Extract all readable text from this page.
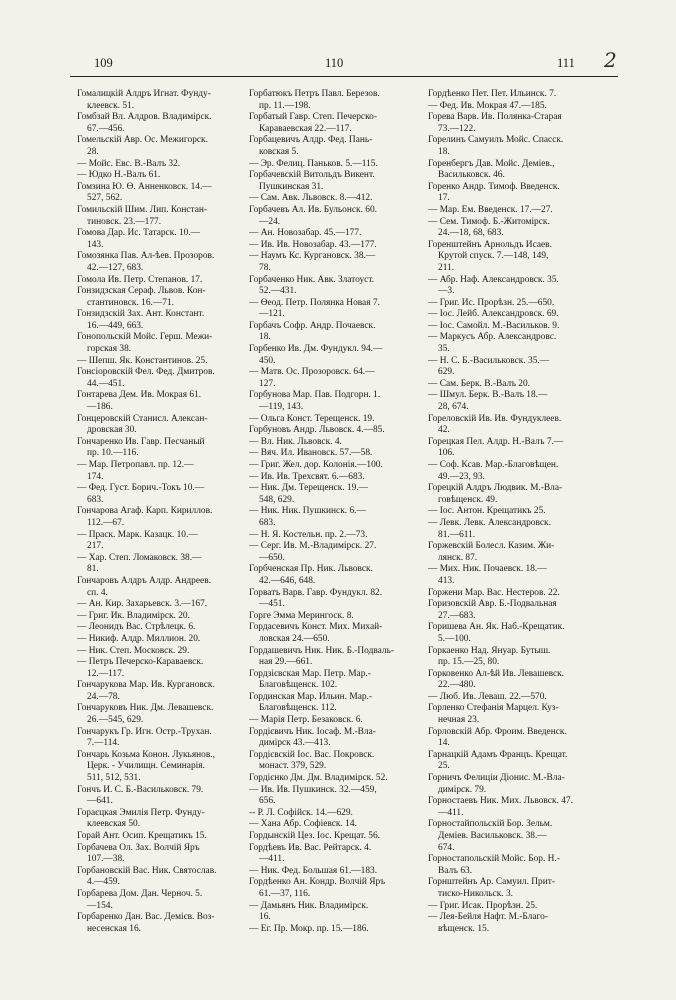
109	110	111 2
Гомалицкій Алдръ Игнат. Фунду-
клеевск. 51.
Гомбзай Вл. Алдров. Владимірск.
67.—456.
Гомельскій Авр. Ос. Межигорск.
28.
— Мойс. Евс. В.-Валъ 32.
— Юдко Н.-Валъ 61.
Гомзина Ю. Ѳ. Анненковск. 14.—
527, 562.
Гомильскій Шим. Лип. Констан-
тиновск. 23.—177.
Гомова Дар. Ис. Татарск. 10.—
143.
Гомозянка Пав. Ал-ѣев. Прозоров.
42.—127, 683.
Гомола Ив. Петр. Степанов. 17.
Гонзидзская Сераф. Львов. Кон-
стантиновск. 16.—71.
Гонзидзскій Зах. Ант. Констант.
16.—449, 663.
Гонопольскій Мойс. Герш. Межи-
горская 38.
— Шепш. Як. Константинов. 25.
Гонсіоровскій Фел. Фед. Дмитров.
44.—451.
Гонтарева Дем. Ив. Мокрая 61.
—186.
Гонцеровскій Станисл. Алексан-
дровская 30.
Гончаренко Ив. Гавр. Песчаный
пр. 10.—116.
— Мар. Петропавл. пр. 12.—
174.
— Фед. Густ. Борич.-Токъ 10.—
683.
Гончарова Агаф. Карп. Кириллов.
112.—67.
— Праск. Марк. Казацк. 10.—
217.
— Хар. Степ. Ломаковск. 38.—
81.
Гончаровъ Алдръ Алдр. Андреев.
сп. 4.
— Ан. Кир. Захарьевск. 3.—167.
— Григ. Ик. Владимірск. 20.
— Леонидъ Вас. Стрѣлецк. 6.
— Никиф. Алдр. Миллион. 20.
— Ник. Степ. Московск. 29.
— Петръ Печерско-Караваевск.
12.—117.
Гончарукова Мар. Ив. Кургановск.
24.—78.
Гончаруковъ Ник. Дм. Левашевск.
26.—545, 629.
Гончарукъ Гр. Игн. Остр.-Трухан.
7.—114.
Гончарь Козьма Конон. Лукьянов.,
Церк. - Училищн. Семинарія.
511, 512, 531.
Гончъ И. С. Б.-Васильковск. 79.
—641.
Гораєцкая Эмилія Петр. Фунду-
клеевская 50.
Горай Ант. Осип. Крещатикъ 15.
Горбачева Ол. Зах. Волчій Яръ
107.—38.
Горбановскій Вас. Ник. Святослав.
4.—459.
Горбарева Дом. Дан. Черноч. 5.
—154.
Горбаренко Дан. Вас. Демієв. Воз-
несенская 16.
Горбатюкъ Петръ Павл. Березов.
пр. 11.—198.
Горбатый Гавр. Степ. Печерско-
Караваевская 22.—117.
Горбацевичъ Алдр. Фед. Пань-
ковская 5.
— Эр. Фелиц. Паньков. 5.—115.
Горбачевскій Витольдъ Викент.
Пушкинская 31.
— Сам. Авк. Львовск. 8.—412.
Горбачевъ Ал. Ив. Бульонск. 60.
—24.
— Ан. Новозабар. 45.—177.
— Ив. Ив. Новозабар. 43.—177.
— Наумъ Кс. Кургановск. 38.—
78.
Горбаченко Ник. Авк. Златоуст.
52.—431.
— Ѳеод. Петр. Полянка Новая 7.
—121.
Горбачъ Софр. Андр. Почаевск.
18.
Горбенко Ив. Дм. Фундукл. 94.—
450.
— Матв. Ос. Прозоровск. 64.—
127.
Горбунова Мар. Пав. Подгорн. 1.
—119, 143.
— Ольга Конст. Терещенск. 19.
Горбуновъ Андр. Львовск. 4.—85.
— Вл. Ник. Львовск. 4.
— Вяч. Ил. Ивановск. 57.—58.
— Григ. Жел. дор. Колонія.—100.
— Ив. Ив. Трехсвят. 6.—683.
— Ник. Дм. Терещенск. 19.—
548, 629.
— Ник. Ник. Пушкинск. 6.—
683.
— Н. Я. Костельн. пр. 2.—73.
— Серг. Ив. М.-Владимірск. 27.
—650.
Горбченская Пр. Ник. Львовск.
42.—646, 648.
Горватъ Варв. Гавр. Фундукл. 82.
—451.
Горге Эмма Мерингоск. 8.
Гордасевичъ Конст. Мих. Михай-
ловская 24.—650.
Гордашевичъ Ник. Ник. Б.-Подваль-
ная 29.—661.
Гордзієвская Мар. Петр. Мар.-
Благовѣщенск. 102.
Гординская Мар. Ильин. Мар.-
Благовѣщенск. 112.
— Марія Петр. Безаковск. 6.
Гордієвичъ Ник. Іосаф. М.-Вла-
димірск 43.—413.
Гордієвскій Іос. Вас. Покровск.
монаст. 379, 529.
Гордієнко Дм. Дм. Владимірск. 52.
— Ив. Ив. Пушкинск. 32.—459,
656.
-- Р. Л. Софійск. 14.—629.
— Хана Абр. Софіевск. 14.
Гордынскій Цез. Іос. Крещат. 56.
Гордѣевъ Ив. Вас. Рейтарск. 4.
—411.
— Ник. Фед. Большая 61.—183.
Гордѣенко Ан. Кондр. Волчій Яръ
61.—37, 116.
— Дамьянъ Ник. Владимірск.
16.
— Ег. Пр. Мокр. пр. 15.—186.
Гордѣенко Пет. Пет. Ильинск. 7.
— Фед. Ив. Мокрая 47.—185.
Горева Варв. Ив. Полянка-Старая
73.—122.
Горелинъ Самуилъ Мойс. Спасск.
18.
Горенбергъ Дав. Мойс. Деміев.,
Васильковск. 46.
Горенко Андр. Тимоф. Введенск.
17.
— Мар. Ем. Введенск. 17.—27.
— Сем. Тимоф. Б.-Житомірск.
24.—18, 68, 683.
Горенштейнъ Арнольдъ Исаев.
Крутой спуск. 7.—148, 149,
211.
— Абр. Наф. Александровск. 35.
—3.
— Григ. Ис. Прорѣзн. 25.—650.
— Іос. Лейб. Александровск. 69.
— Іос. Самойл. М.-Васильков. 9.
— Маркусъ Абр. Александровс.
35.
— Н. С. Б.-Васильковск. 35.—
629.
— Сам. Берк. В.-Валъ 20.
— Шмул. Берк. В.-Валъ 18.—
28, 674.
Гореловскій Ив. Ив. Фундуклеев.
42.
Горецкая Пел. Алдр. Н.-Валъ 7.—
106.
— Соф. Ксав. Мар.-Благовѣщен.
49.—23, 93.
Горецкій Алдръ Людвик. М.-Вла-
говѣщенск. 49.
— Іос. Антон. Крещатикъ 25.
— Левк. Левк. Александровск.
81.—611.
Горжевскій Болесл. Казим. Жи-
лянск. 87.
— Мих. Ник. Почаевск. 18.—
413.
Горжени Мар. Вас. Нестеров. 22.
Горизовскій Авр. Б.-Подвальная
27.—683.
Горишева Ан. Як. Наб.-Крещатик.
5.—100.
Горкаенко Над. Януар. Бутыш.
пр. 15.—25, 80.
Горковенко Ал-ѣй Ив. Левашевск.
22.—480.
— Люб. Ив. Леваш. 22.—570.
Горленко Стефанія Марцел. Куз-
нечная 23.
Горловскій Абр. Фроим. Введенск.
14.
Гарнацкій Адамъ Францъ. Крещат.
25.
Горничъ Фелиціи Діонис. М.-Вла-
димірск. 79.
Горностаевъ Ник. Мих. Львовск. 47.
—411.
Горностайпольскій Бор. Зельм.
Деміев. Васильковск. 38.—
674.
Горностапольскій Мойс. Бор. Н.-
Валъ 63.
Горнштейнъ Ар. Самуил. Прит-
тиско-Никольск. 3.
— Григ. Исак. Прорѣзн. 25.
— Лея-Бейля Нафт. М.-Благо-
вѣщенск. 15.
